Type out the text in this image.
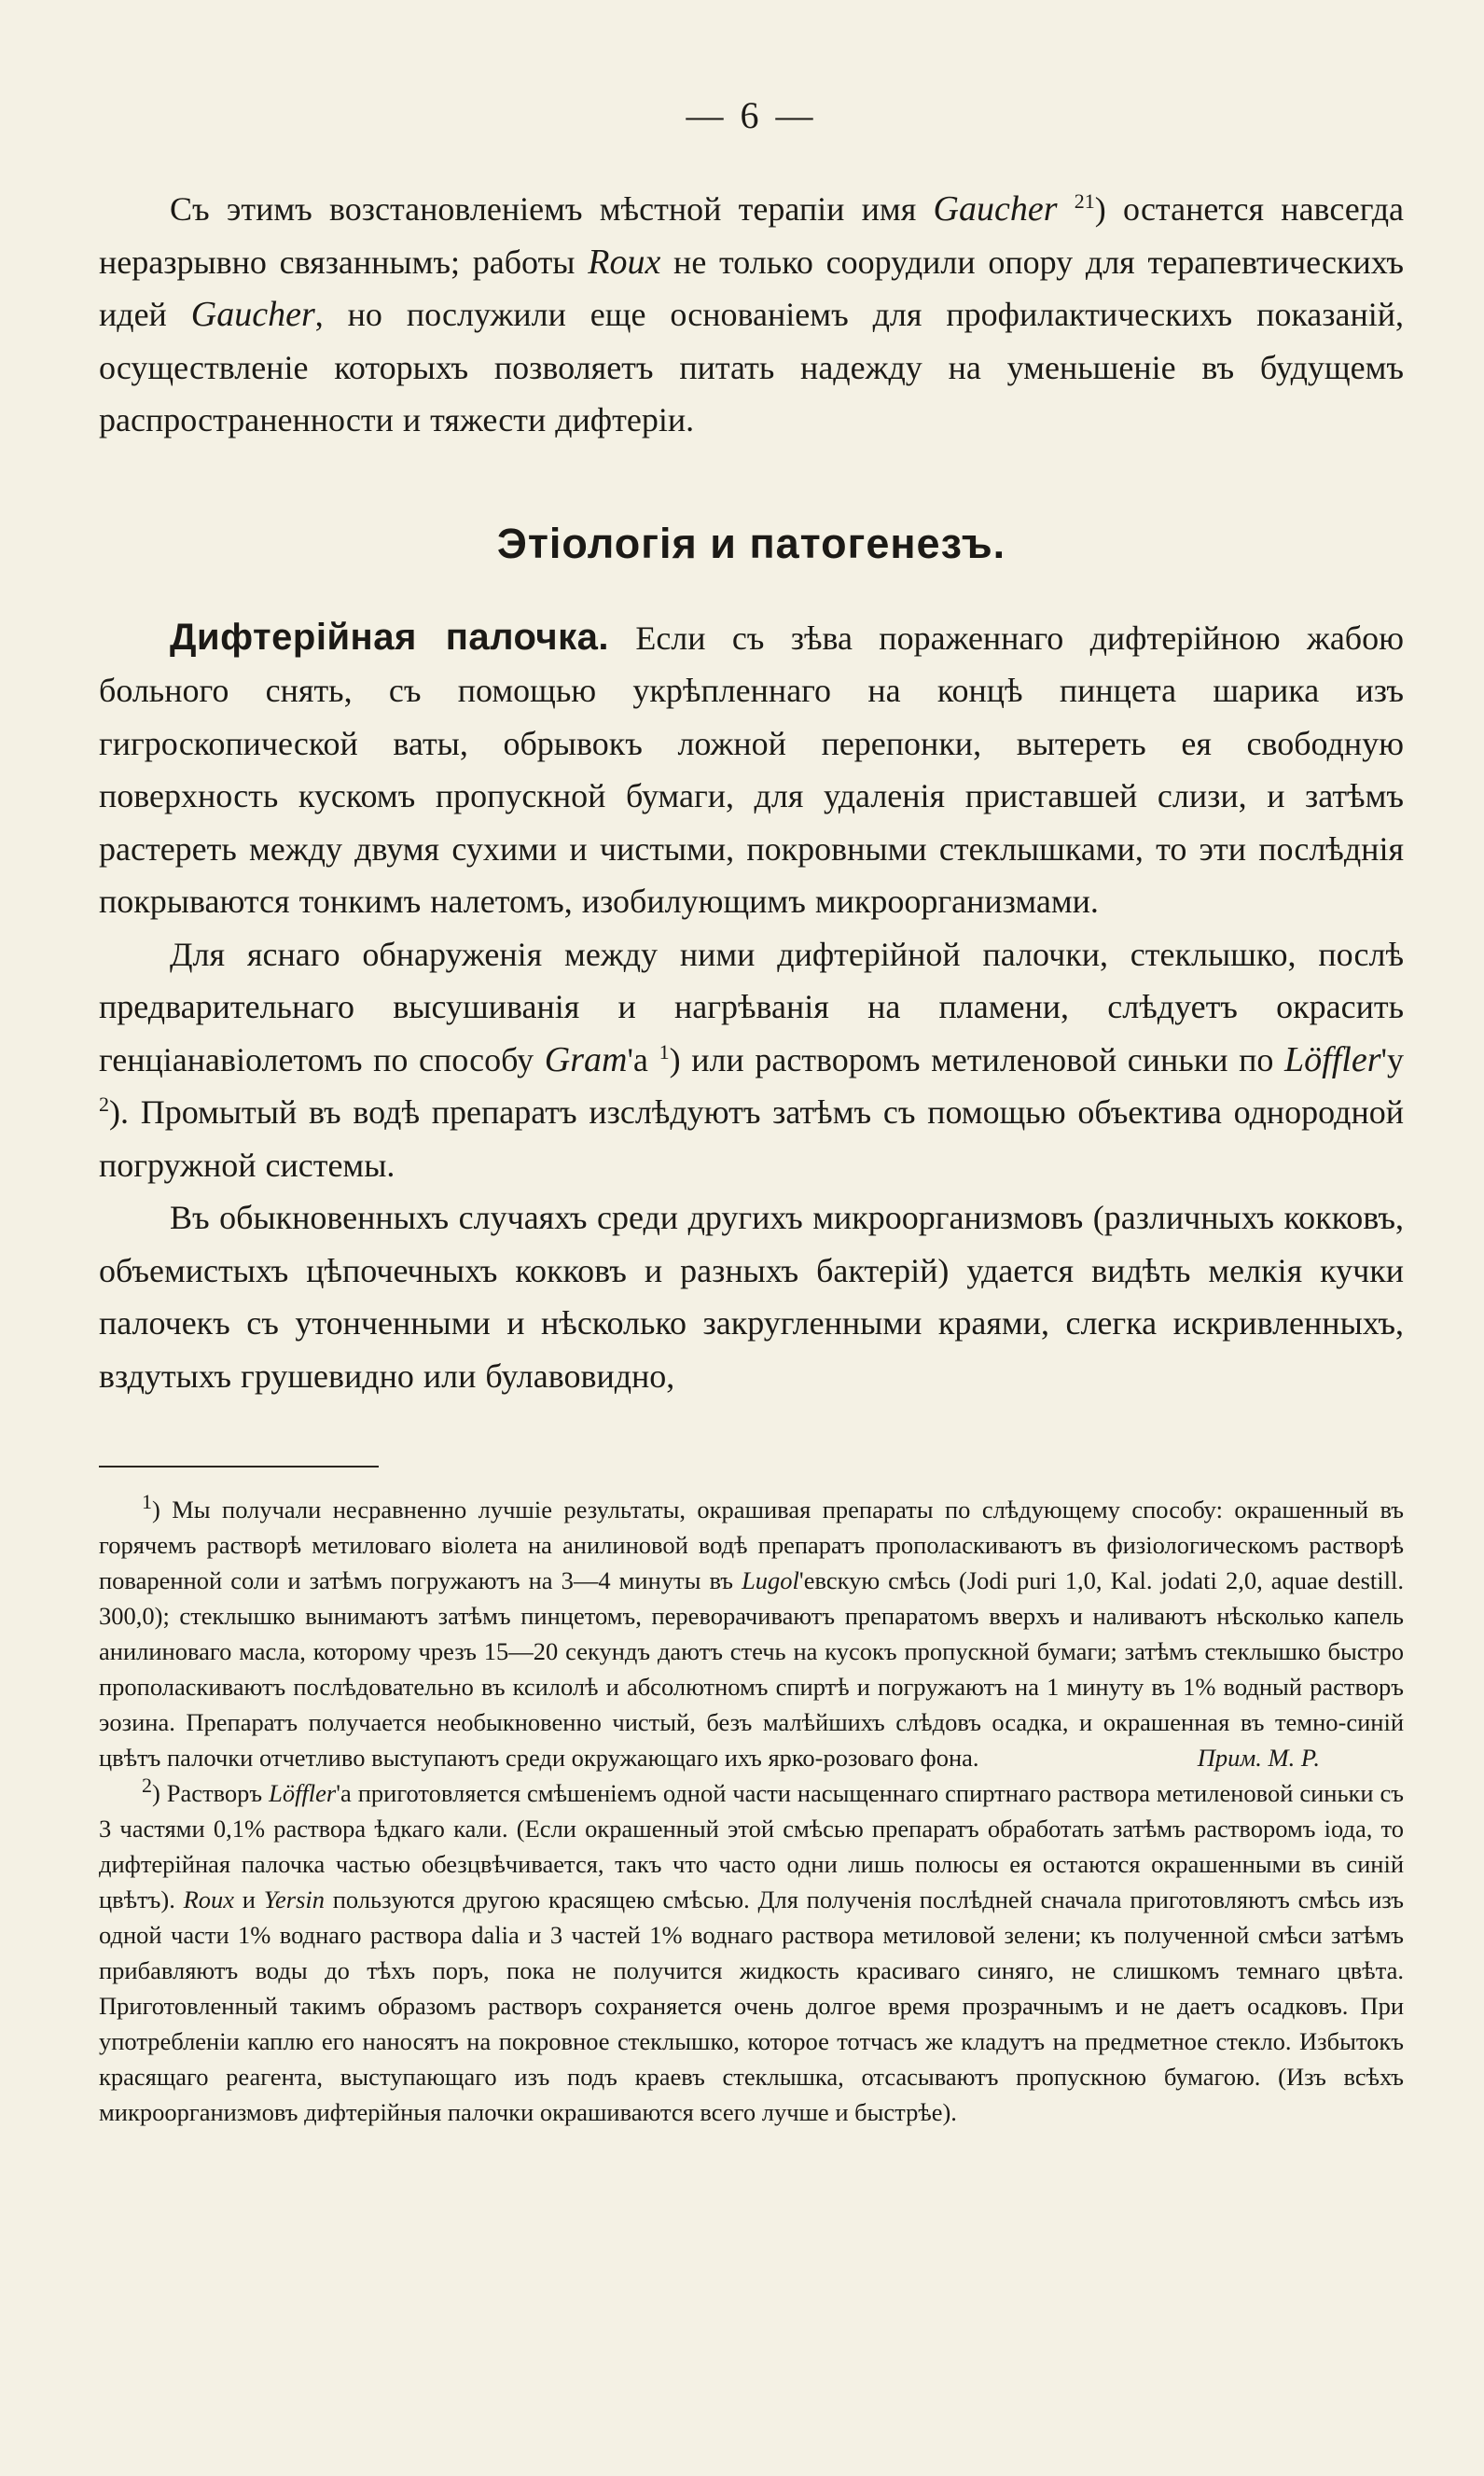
— 6 —

Съ этимъ возстановленіемъ мѣстной терапіи имя Gaucher $^{21}$) останется навсегда неразрывно связаннымъ; работы Roux не только соорудили опору для терапевтическихъ идей Gaucher, но послужили еще основаніемъ для профилактическихъ показаній, осуществленіе которыхъ позволяетъ питать надежду на уменьшеніе въ будущемъ распространенности и тяжести дифтеріи.

Этіологія и патогенезъ.

Дифтерійная палочка. Если съ зѣва пораженнаго дифтерійною жабою больного снять, съ помощью укрѣпленнаго на концѣ пинцета шарика изъ гигроскопической ваты, обрывокъ ложной перепонки, вытереть ея свободную поверхность кускомъ пропускной бумаги, для удаленія приставшей слизи, и затѣмъ растереть между двумя сухими и чистыми, покровными стеклышками, то эти послѣднія покрываются тонкимъ налетомъ, изобилующимъ микроорганизмами.

Для яснаго обнаруженія между ними дифтерійной палочки, стеклышко, послѣ предварительнаго высушиванія и нагрѣванія на пламени, слѣдуетъ окрасить генціанавіолетомъ по способу Gram'а $^1$) или растворомъ метиленовой синьки по Löffler'у $^2$). Промытый въ водѣ препаратъ изслѣдуютъ затѣмъ съ помощью объектива однородной погружной системы.

Въ обыкновенныхъ случаяхъ среди другихъ микроорганизмовъ (различныхъ кокковъ, объемистыхъ цѣпочечныхъ кокковъ и разныхъ бактерій) удается видѣть мелкія кучки палочекъ съ утонченными и нѣсколько закругленными краями, слегка искривленныхъ, вздутыхъ грушевидно или булавовидно,

$^1$) Мы получали несравненно лучшіе результаты, окрашивая препараты по слѣдующему способу: окрашенный въ горячемъ растворѣ метиловаго віолета на анилиновой водѣ препаратъ прополаскиваютъ въ физіологическомъ растворѣ поваренной соли и затѣмъ погружаютъ на 3—4 минуты въ Lugol'евскую смѣсь (Jodi puri 1,0, Kal. jodati 2,0, aquae destill. 300,0); стеклышко вынимаютъ затѣмъ пинцетомъ, переворачиваютъ препаратомъ вверхъ и наливаютъ нѣсколько капель анилиноваго масла, которому чрезъ 15—20 секундъ даютъ стечь на кусокъ пропускной бумаги; затѣмъ стеклышко быстро прополаскиваютъ послѣдовательно въ ксилолѣ и абсолютномъ спиртѣ и погружаютъ на 1 минуту въ 1% водный растворъ эозина. Препаратъ получается необыкновенно чистый, безъ малѣйшихъ слѣдовъ осадка, и окрашенная въ темно-синій цвѣтъ палочки отчетливо выступаютъ среди окружающаго ихъ ярко-розоваго фона.	Прим. М. Р.

$^2$) Растворъ Löffler'а приготовляется смѣшеніемъ одной части насыщеннаго спиртнаго раствора метиленовой синьки съ 3 частями 0,1% раствора ѣдкаго кали. (Если окрашенный этой смѣсью препаратъ обработать затѣмъ растворомъ іода, то дифтерійная палочка частью обезцвѣчивается, такъ что часто одни лишь полюсы ея остаются окрашенными въ синій цвѣтъ). Roux и Yersin пользуются другою красящею смѣсью. Для полученія послѣдней сначала приготовляютъ смѣсь изъ одной части 1% воднаго раствора dalia и 3 частей 1% воднаго раствора метиловой зелени; къ полученной смѣси затѣмъ прибавляютъ воды до тѣхъ поръ, пока не получится жидкость красиваго синяго, не слишкомъ темнаго цвѣта. Приготовленный такимъ образомъ растворъ сохраняется очень долгое время прозрачнымъ и не даетъ осадковъ. При употребленіи каплю его наносятъ на покровное стеклышко, которое тотчасъ же кладутъ на предметное стекло. Избытокъ красящаго реагента, выступающаго изъ подъ краевъ стеклышка, отсасываютъ пропускною бумагою. (Изъ всѣхъ микроорганизмовъ дифтерійныя палочки окрашиваются всего лучше и быстрѣе).
